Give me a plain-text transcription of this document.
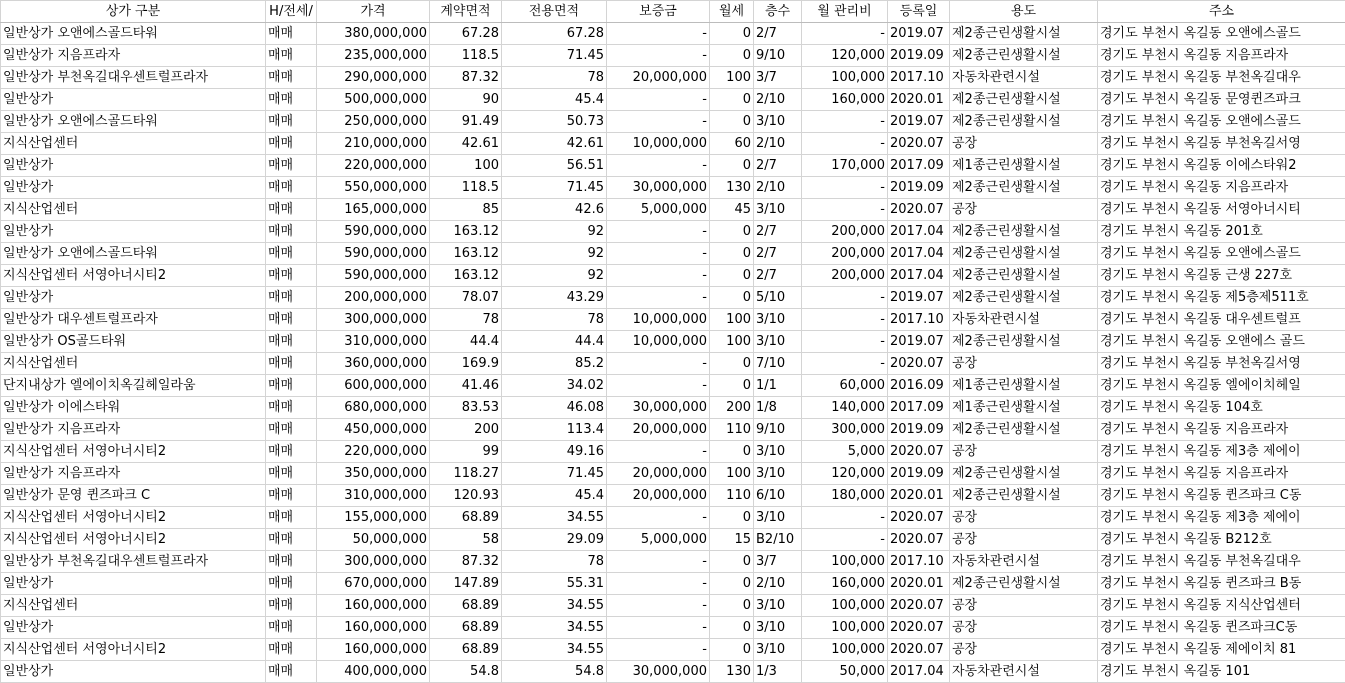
상가 구분	H/전세/	가격	계약면적	전용면적	보증금	월세	층수	월 관리비	등록일	용도	주소
일반상가 오앤에스골드타워	매매	380,000,000	67.28	67.28	-	0	2/7	-	2019.07	제2종근린생활시설	경기도 부천시 옥길동 오앤에스골드
일반상가 지음프라자	매매	235,000,000	118.5	71.45	-	0	9/10	120,000	2019.09	제2종근린생활시설	경기도 부천시 옥길동 지음프라자
일반상가 부천옥길대우센트럴프라자	매매	290,000,000	87.32	78	20,000,000	100	3/7	100,000	2017.10	자동차관련시설	경기도 부천시 옥길동 부천옥길대우
일반상가	매매	500,000,000	90	45.4	-	0	2/10	160,000	2020.01	제2종근린생활시설	경기도 부천시 옥길동 문영퀸즈파크
일반상가 오앤에스골드타워	매매	250,000,000	91.49	50.73	-	0	3/10	-	2019.07	제2종근린생활시설	경기도 부천시 옥길동 오앤에스골드
지식산업센터	매매	210,000,000	42.61	42.61	10,000,000	60	2/10	-	2020.07	공장	경기도 부천시 옥길동 부천옥길서영
일반상가	매매	220,000,000	100	56.51	-	0	2/7	170,000	2017.09	제1종근린생활시설	경기도 부천시 옥길동 이에스타워2
일반상가	매매	550,000,000	118.5	71.45	30,000,000	130	2/10	-	2019.09	제2종근린생활시설	경기도 부천시 옥길동 지음프라자
지식산업센터	매매	165,000,000	85	42.6	5,000,000	45	3/10	-	2020.07	공장	경기도 부천시 옥길동 서영아너시티
일반상가	매매	590,000,000	163.12	92	-	0	2/7	200,000	2017.04	제2종근린생활시설	경기도 부천시 옥길동 201호
일반상가 오앤에스골드타워	매매	590,000,000	163.12	92	-	0	2/7	200,000	2017.04	제2종근린생활시설	경기도 부천시 옥길동 오앤에스골드
지식산업센터 서영아너시티2	매매	590,000,000	163.12	92	-	0	2/7	200,000	2017.04	제2종근린생활시설	경기도 부천시 옥길동 근생 227호
일반상가	매매	200,000,000	78.07	43.29	-	0	5/10	-	2019.07	제2종근린생활시설	경기도 부천시 옥길동 제5층제511호
일반상가 대우센트럴프라자	매매	300,000,000	78	78	10,000,000	100	3/10	-	2017.10	자동차관련시설	경기도 부천시 옥길동 대우센트럴프
일반상가 OS골드타워	매매	310,000,000	44.4	44.4	10,000,000	100	3/10	-	2019.07	제2종근린생활시설	경기도 부천시 옥길동 오앤에스 골드
지식산업센터	매매	360,000,000	169.9	85.2	-	0	7/10	-	2020.07	공장	경기도 부천시 옥길동 부천옥길서영
단지내상가 엘에이치옥길헤일라움	매매	600,000,000	41.46	34.02	-	0	1/1	60,000	2016.09	제1종근린생활시설	경기도 부천시 옥길동 엘에이치헤일
일반상가 이에스타워	매매	680,000,000	83.53	46.08	30,000,000	200	1/8	140,000	2017.09	제1종근린생활시설	경기도 부천시 옥길동 104호
일반상가 지음프라자	매매	450,000,000	200	113.4	20,000,000	110	9/10	300,000	2019.09	제2종근린생활시설	경기도 부천시 옥길동 지음프라자
지식산업센터 서영아너시티2	매매	220,000,000	99	49.16	-	0	3/10	5,000	2020.07	공장	경기도 부천시 옥길동 제3층 제에이
일반상가 지음프라자	매매	350,000,000	118.27	71.45	20,000,000	100	3/10	120,000	2019.09	제2종근린생활시설	경기도 부천시 옥길동 지음프라자
일반상가 문영 퀸즈파크 C	매매	310,000,000	120.93	45.4	20,000,000	110	6/10	180,000	2020.01	제2종근린생활시설	경기도 부천시 옥길동 퀸즈파크 C동
지식산업센터 서영아너시티2	매매	155,000,000	68.89	34.55	-	0	3/10	-	2020.07	공장	경기도 부천시 옥길동 제3층 제에이
지식산업센터 서영아너시티2	매매	50,000,000	58	29.09	5,000,000	15	B2/10	-	2020.07	공장	경기도 부천시 옥길동 B212호
일반상가 부천옥길대우센트럴프라자	매매	300,000,000	87.32	78	-	0	3/7	100,000	2017.10	자동차관련시설	경기도 부천시 옥길동 부천옥길대우
일반상가	매매	670,000,000	147.89	55.31	-	0	2/10	160,000	2020.01	제2종근린생활시설	경기도 부천시 옥길동 퀸즈파크 B동
지식산업센터	매매	160,000,000	68.89	34.55	-	0	3/10	100,000	2020.07	공장	경기도 부천시 옥길동 지식산업센터
일반상가	매매	160,000,000	68.89	34.55	-	0	3/10	100,000	2020.07	공장	경기도 부천시 옥길동 퀸즈파크C동
지식산업센터 서영아너시티2	매매	160,000,000	68.89	34.55	-	0	3/10	100,000	2020.07	공장	경기도 부천시 옥길동 제에이치 81
일반상가	매매	400,000,000	54.8	54.8	30,000,000	130	1/3	50,000	2017.04	자동차관련시설	경기도 부천시 옥길동 101
